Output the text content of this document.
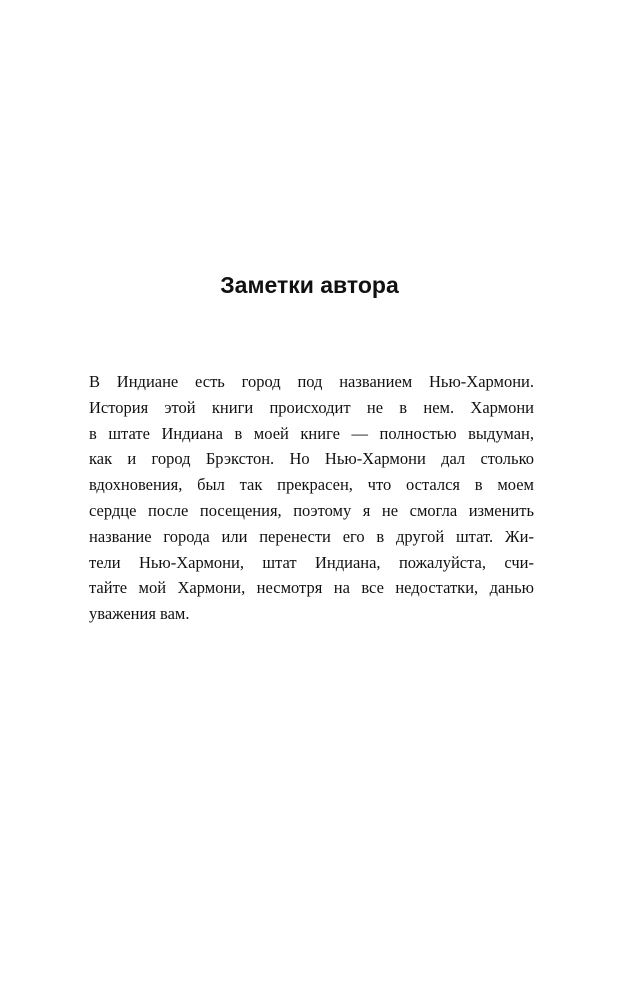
Заметки автора
В Индиане есть город под названием Нью-Хармони.
История этой книги происходит не в нем. Хармони
в штате Индиана в моей книге — полностью выдуман,
как и город Брэкстон. Но Нью-Хармони дал столько
вдохновения, был так прекрасен, что остался в моем
сердце после посещения, поэтому я не смогла изменить
название города или перенести его в другой штат. Жи-
тели Нью-Хармони, штат Индиана, пожалуйста, счи-
тайте мой Хармони, несмотря на все недостатки, данью
уважения вам.
